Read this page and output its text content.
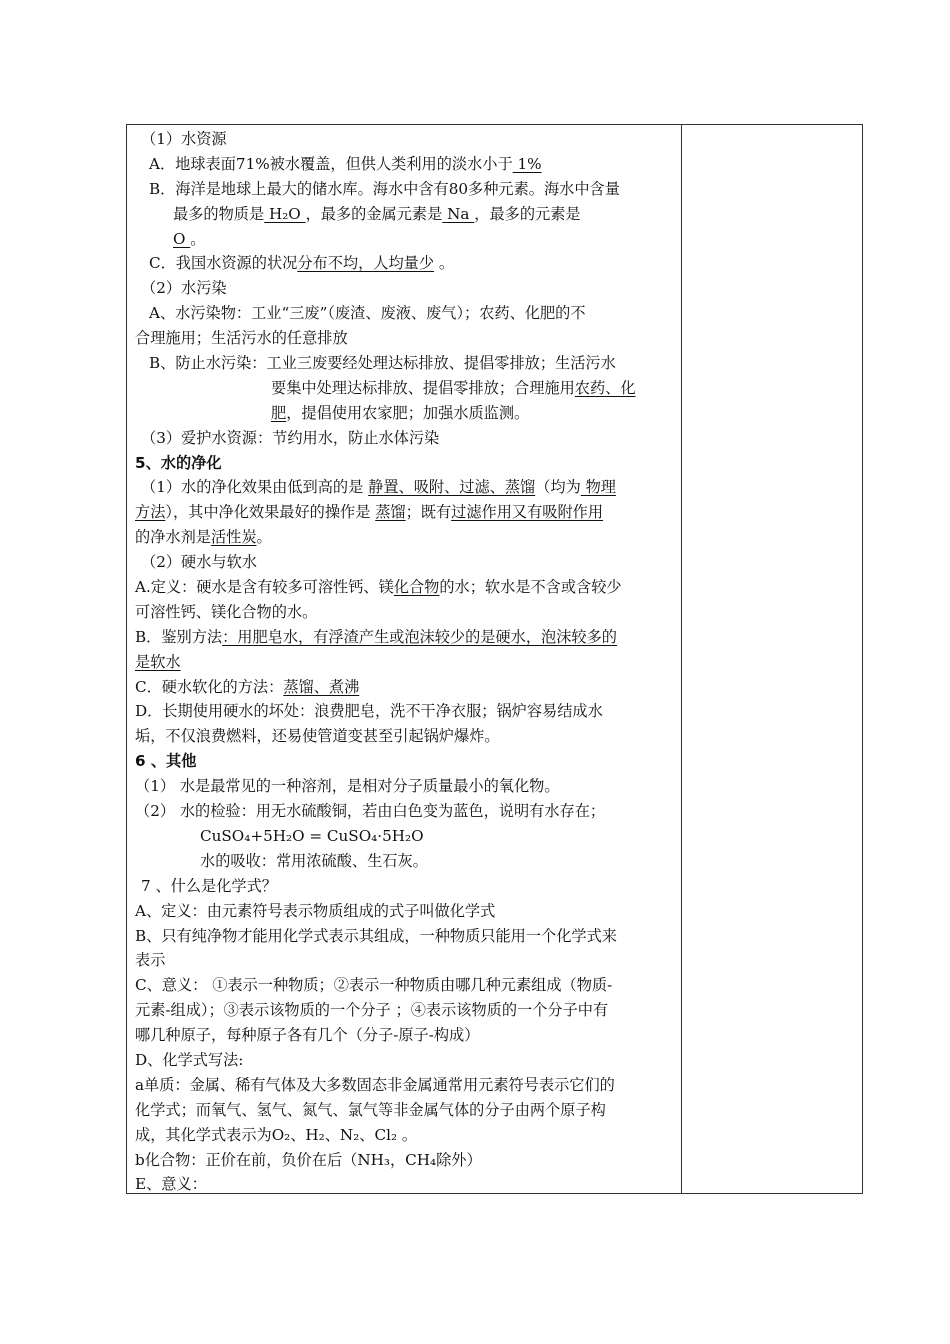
（1）水资源
A．地球表面71%被水覆盖，但供人类利用的淡水小于 1%
B．海洋是地球上最大的储水库。海水中含有80多种元素。海水中含量
最多的物质是 H₂O ，最多的金属元素是 Na ，最多的元素是
O 。
C．我国水资源的状况分布不均，人均量少 。
（2）水污染
A、水污染物：工业“三废”（废渣、废液、废气）；农药、化肥的不
合理施用；生活污水的任意排放
B、防止水污染：工业三废要经处理达标排放、提倡零排放；生活污水
要集中处理达标排放、提倡零排放；合理施用农药、化
肥，提倡使用农家肥；加强水质监测。
（3）爱护水资源：节约用水，防止水体污染
5、水的净化
（1）水的净化效果由低到高的是 静置、吸附、过滤、蒸馏（均为 物理
方法），其中净化效果最好的操作是 蒸馏；既有过滤作用又有吸附作用
的净水剂是活性炭。
（2）硬水与软水
A.定义：硬水是含有较多可溶性钙、镁化合物的水；软水是不含或含较少
可溶性钙、镁化合物的水。
B．鉴别方法：用肥皂水，有浮渣产生或泡沫较少的是硬水，泡沫较多的
是软水
C．硬水软化的方法：蒸馏、煮沸
D．长期使用硬水的坏处：浪费肥皂，洗不干净衣服；锅炉容易结成水
垢，不仅浪费燃料，还易使管道变甚至引起锅炉爆炸。
6 、其他
（1） 水是最常见的一种溶剂，是相对分子质量最小的氧化物。
（2） 水的检验：用无水硫酸铜，若由白色变为蓝色，说明有水存在；
CuSO₄+5H₂O = CuSO₄·5H₂O
水的吸收：常用浓硫酸、生石灰。
7 、什么是化学式？
A、定义：由元素符号表示物质组成的式子叫做化学式
B、只有纯净物才能用化学式表示其组成，一种物质只能用一个化学式来
表示
C、意义： ①表示一种物质；②表示一种物质由哪几种元素组成（物质-
元素-组成）；③表示该物质的一个分子 ；④表示该物质的一个分子中有
哪几种原子，每种原子各有几个（分子-原子-构成）
D、化学式写法:
a单质：金属、稀有气体及大多数固态非金属通常用元素符号表示它们的
化学式；而氧气、氢气、氮气、氯气等非金属气体的分子由两个原子构
成，其化学式表示为O₂、H₂、N₂、Cl₂ 。
b化合物：正价在前，负价在后（NH₃，CH₄除外）
E、意义：
